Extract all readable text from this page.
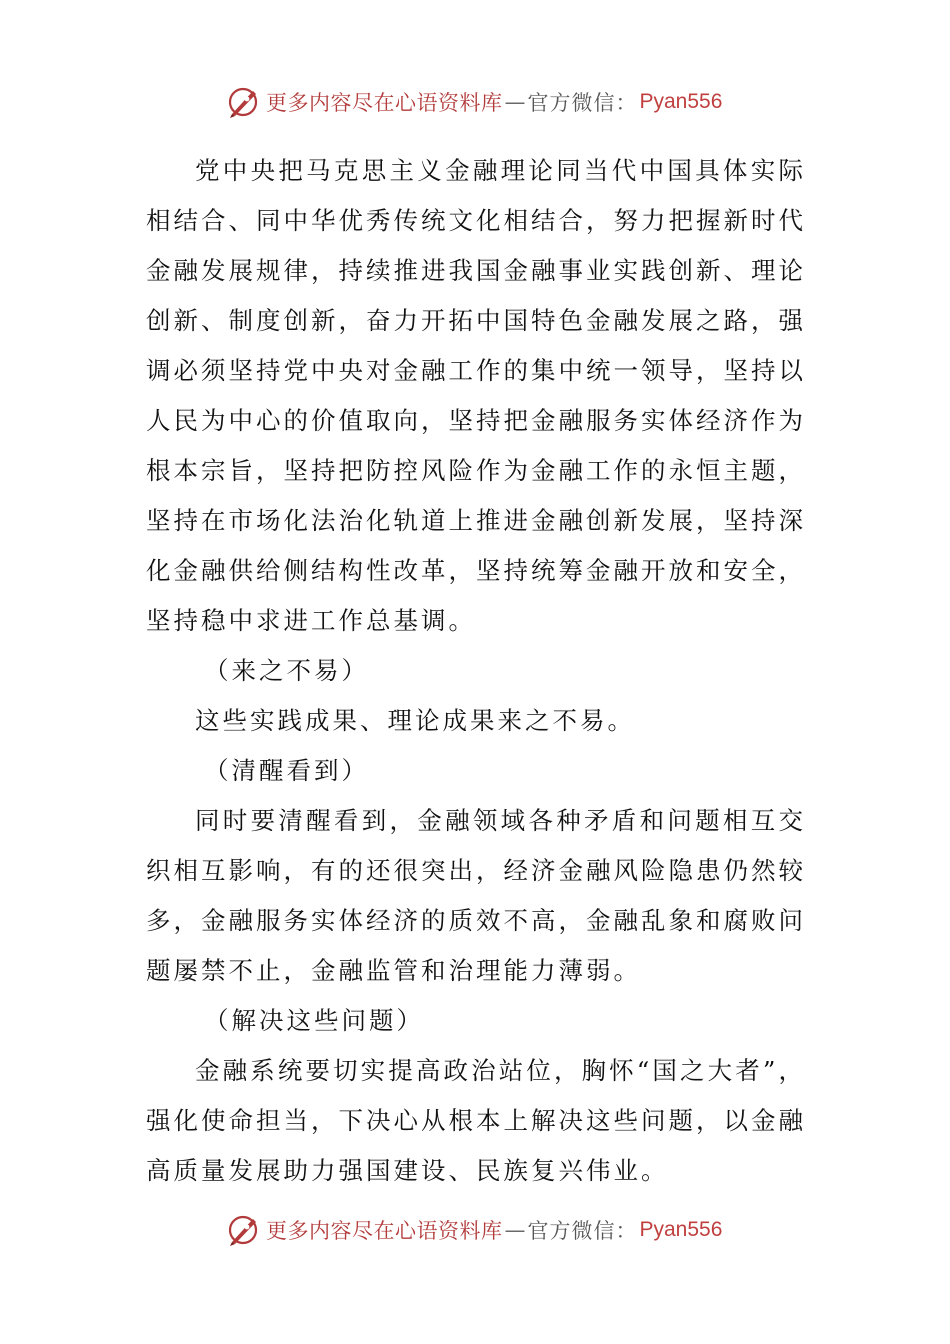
更多内容尽在心语资料库 — 官方微信： Pyan556

党中央把马克思主义金融理论同当代中国具体实际相结合、同中华优秀传统文化相结合，努力把握新时代金融发展规律，持续推进我国金融事业实践创新、理论创新、制度创新，奋力开拓中国特色金融发展之路，强调必须坚持党中央对金融工作的集中统一领导，坚持以人民为中心的价值取向，坚持把金融服务实体经济作为根本宗旨，坚持把防控风险作为金融工作的永恒主题，坚持在市场化法治化轨道上推进金融创新发展，坚持深化金融供给侧结构性改革，坚持统筹金融开放和安全，坚持稳中求进工作总基调。

（来之不易）

这些实践成果、理论成果来之不易。

（清醒看到）

同时要清醒看到，金融领域各种矛盾和问题相互交织相互影响，有的还很突出，经济金融风险隐患仍然较多，金融服务实体经济的质效不高，金融乱象和腐败问题屡禁不止，金融监管和治理能力薄弱。

（解决这些问题）

金融系统要切实提高政治站位，胸怀“国之大者”，强化使命担当，下决心从根本上解决这些问题，以金融高质量发展助力强国建设、民族复兴伟业。

更多内容尽在心语资料库 — 官方微信： Pyan556
